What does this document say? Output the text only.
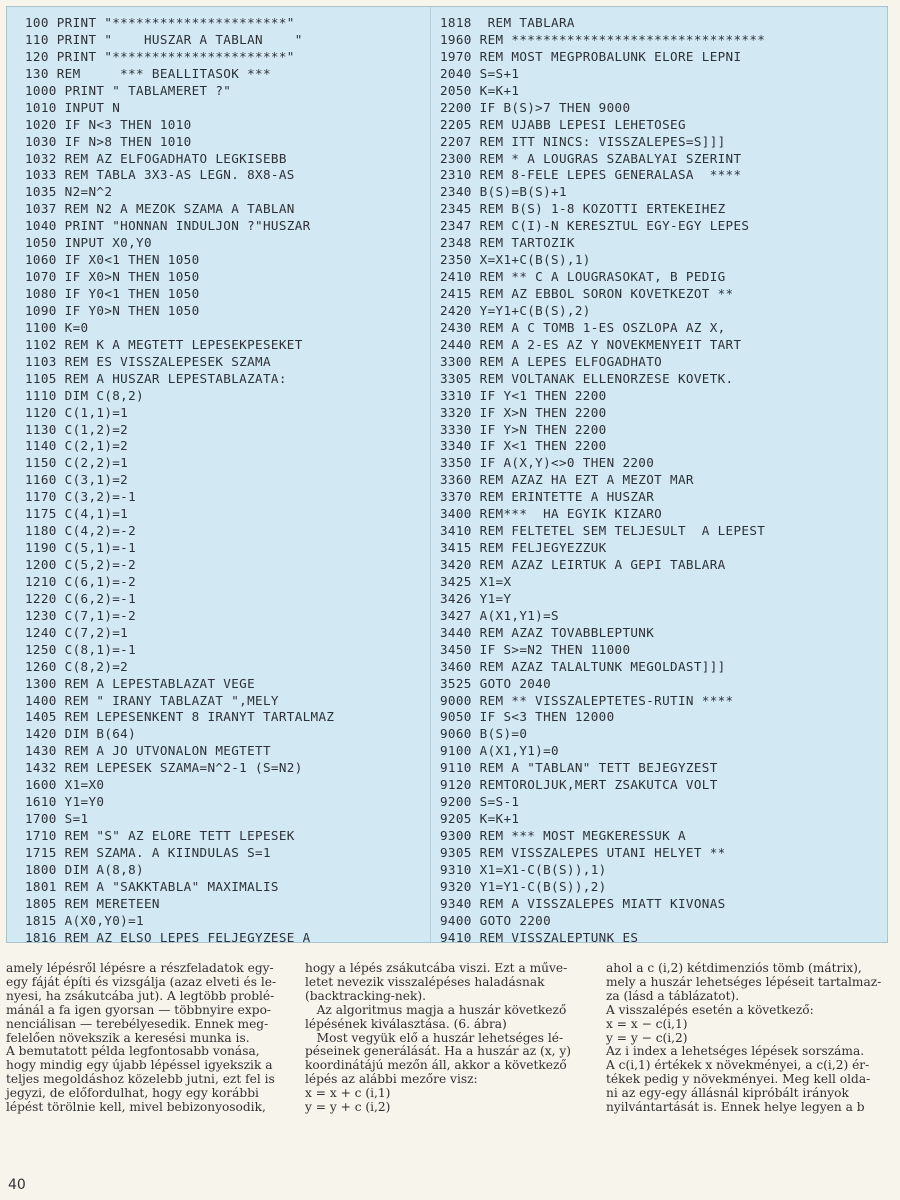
100 PRINT "**********************"
110 PRINT "    HUSZAR A TABLAN    "
120 PRINT "**********************"
130 REM     *** BEALLITASOK ***
1000 PRINT " TABLAMERET ?"
1010 INPUT N
1020 IF N<3 THEN 1010
1030 IF N>8 THEN 1010
1032 REM AZ ELFOGADHATO LEGKISEBB
1033 REM TABLA 3X3-AS LEGN. 8X8-AS
1035 N2=N^2
1037 REM N2 A MEZOK SZAMA A TABLAN
1040 PRINT "HONNAN INDULJON ?"HUSZAR
1050 INPUT X0,Y0
1060 IF X0<1 THEN 1050
1070 IF X0>N THEN 1050
1080 IF Y0<1 THEN 1050
1090 IF Y0>N THEN 1050
1100 K=0
1102 REM K A MEGTETT LEPESEKPESEKET
1103 REM ES VISSZALEPESEK SZAMA
1105 REM A HUSZAR LEPESTABLAZATA:
1110 DIM C(8,2)
1120 C(1,1)=1
1130 C(1,2)=2
1140 C(2,1)=2
1150 C(2,2)=1
1160 C(3,1)=2
1170 C(3,2)=-1
1175 C(4,1)=1
1180 C(4,2)=-2
1190 C(5,1)=-1
1200 C(5,2)=-2
1210 C(6,1)=-2
1220 C(6,2)=-1
1230 C(7,1)=-2
1240 C(7,2)=1
1250 C(8,1)=-1
1260 C(8,2)=2
1300 REM A LEPESTABLAZAT VEGE
1400 REM " IRANY TABLAZAT ",MELY
1405 REM LEPESENKENT 8 IRANYT TARTALMAZ
1420 DIM B(64)
1430 REM A JO UTVONALON MEGTETT
1432 REM LEPESEK SZAMA=N^2-1 (S=N2)
1600 X1=X0
1610 Y1=Y0
1700 S=1
1710 REM "S" AZ ELORE TETT LEPESEK
1715 REM SZAMA. A KIINDULAS S=1
1800 DIM A(8,8)
1801 REM A "SAKKTABLA" MAXIMALIS
1805 REM MERETEEN
1815 A(X0,Y0)=1
1816 REM AZ ELSO LEPES FELJEGYZESE A
1818  REM TABLARA
1960 REM ********************************
1970 REM MOST MEGPROBALUNK ELORE LEPNI
2040 S=S+1
2050 K=K+1
2200 IF B(S)>7 THEN 9000
2205 REM UJABB LEPESI LEHETOSEG
2207 REM ITT NINCS: VISSZALEPES=S]]]
2300 REM * A LOUGRAS SZABALYAI SZERINT
2310 REM 8-FELE LEPES GENERALASA  ****
2340 B(S)=B(S)+1
2345 REM B(S) 1-8 KOZOTTI ERTEKEIHEZ
2347 REM C(I)-N KERESZTUL EGY-EGY LEPES
2348 REM TARTOZIK
2350 X=X1+C(B(S),1)
2410 REM ** C A LOUGRASOKAT, B PEDIG
2415 REM AZ EBBOL SORON KOVETKEZOT **
2420 Y=Y1+C(B(S),2)
2430 REM A C TOMB 1-ES OSZLOPA AZ X,
2440 REM A 2-ES AZ Y NOVEKMENYEIT TART
3300 REM A LEPES ELFOGADHATO
3305 REM VOLTANAK ELLENORZESE KOVETK.
3310 IF Y<1 THEN 2200
3320 IF X>N THEN 2200
3330 IF Y>N THEN 2200
3340 IF X<1 THEN 2200
3350 IF A(X,Y)<>0 THEN 2200
3360 REM AZAZ HA EZT A MEZOT MAR
3370 REM ERINTETTE A HUSZAR
3400 REM***  HA EGYIK KIZARO
3410 REM FELTETEL SEM TELJESULT  A LEPEST
3415 REM FELJEGYEZZUK
3420 REM AZAZ LEIRTUK A GEPI TABLARA
3425 X1=X
3426 Y1=Y
3427 A(X1,Y1)=S
3440 REM AZAZ TOVABBLEPTUNK
3450 IF S>=N2 THEN 11000
3460 REM AZAZ TALALTUNK MEGOLDAST]]]
3525 GOTO 2040
9000 REM ** VISSZALEPTETES-RUTIN ****
9050 IF S<3 THEN 12000
9060 B(S)=0
9100 A(X1,Y1)=0
9110 REM A "TABLAN" TETT BEJEGYZEST
9120 REMTOROLJUK,MERT ZSAKUTCA VOLT
9200 S=S-1
9205 K=K+1
9300 REM *** MOST MEGKERESSUK A
9305 REM VISSZALEPES UTANI HELYET **
9310 X1=X1-C(B(S)),1)
9320 Y1=Y1-C(B(S)),2)
9340 REM A VISSZALEPES MIATT KIVONAS
9400 GOTO 2200
9410 REM VISSZALEPTUNK ES

amely lépésről lépésre a részfeladatok egy-

egy fáját építi és vizsgálja (azaz elveti és le-

nyesi, ha zsákutcába jut). A legtöbb problé-

mánál a fa igen gyorsan — többnyire expo-

nenciálisan — terebélyesedik. Ennek meg-

felelően növekszik a keresési munka is.

A bemutatott példa legfontosabb vonása,

hogy mindig egy újabb lépéssel igyekszik a

teljes megoldáshoz közelebb jutni, ezt fel is

jegyzi, de előfordulhat, hogy egy korábbi

lépést törölnie kell, mivel bebizonyosodik,

hogy a lépés zsákutcába viszi. Ezt a műve-

letet nevezik visszalépéses haladásnak

(backtracking-nek).

Az algoritmus magja a huszár következő

lépésének kiválasztása. (6. ábra)

Most vegyük elő a huszár lehetséges lé-

péseinek generálását. Ha a huszár az (x, y)

koordinátájú mezőn áll, akkor a következő

lépés az alábbi mezőre visz:

x = x + c (i,1)

y = y + c (i,2)

ahol a c (i,2) kétdimenziós tömb (mátrix),

mely a huszár lehetséges lépéseit tartalmaz-

za (lásd a táblázatot).

A visszalépés esetén a következő:

x = x − c(i,1)

y = y − c(i,2)

Az i index a lehetséges lépések sorszáma.

A c(i,1) értékek x növekményei, a c(i,2) ér-

tékek pedig y növekményei. Meg kell olda-

ni az egy-egy állásnál kipróbált irányok

nyilvántartását is. Ennek helye legyen a b

40
